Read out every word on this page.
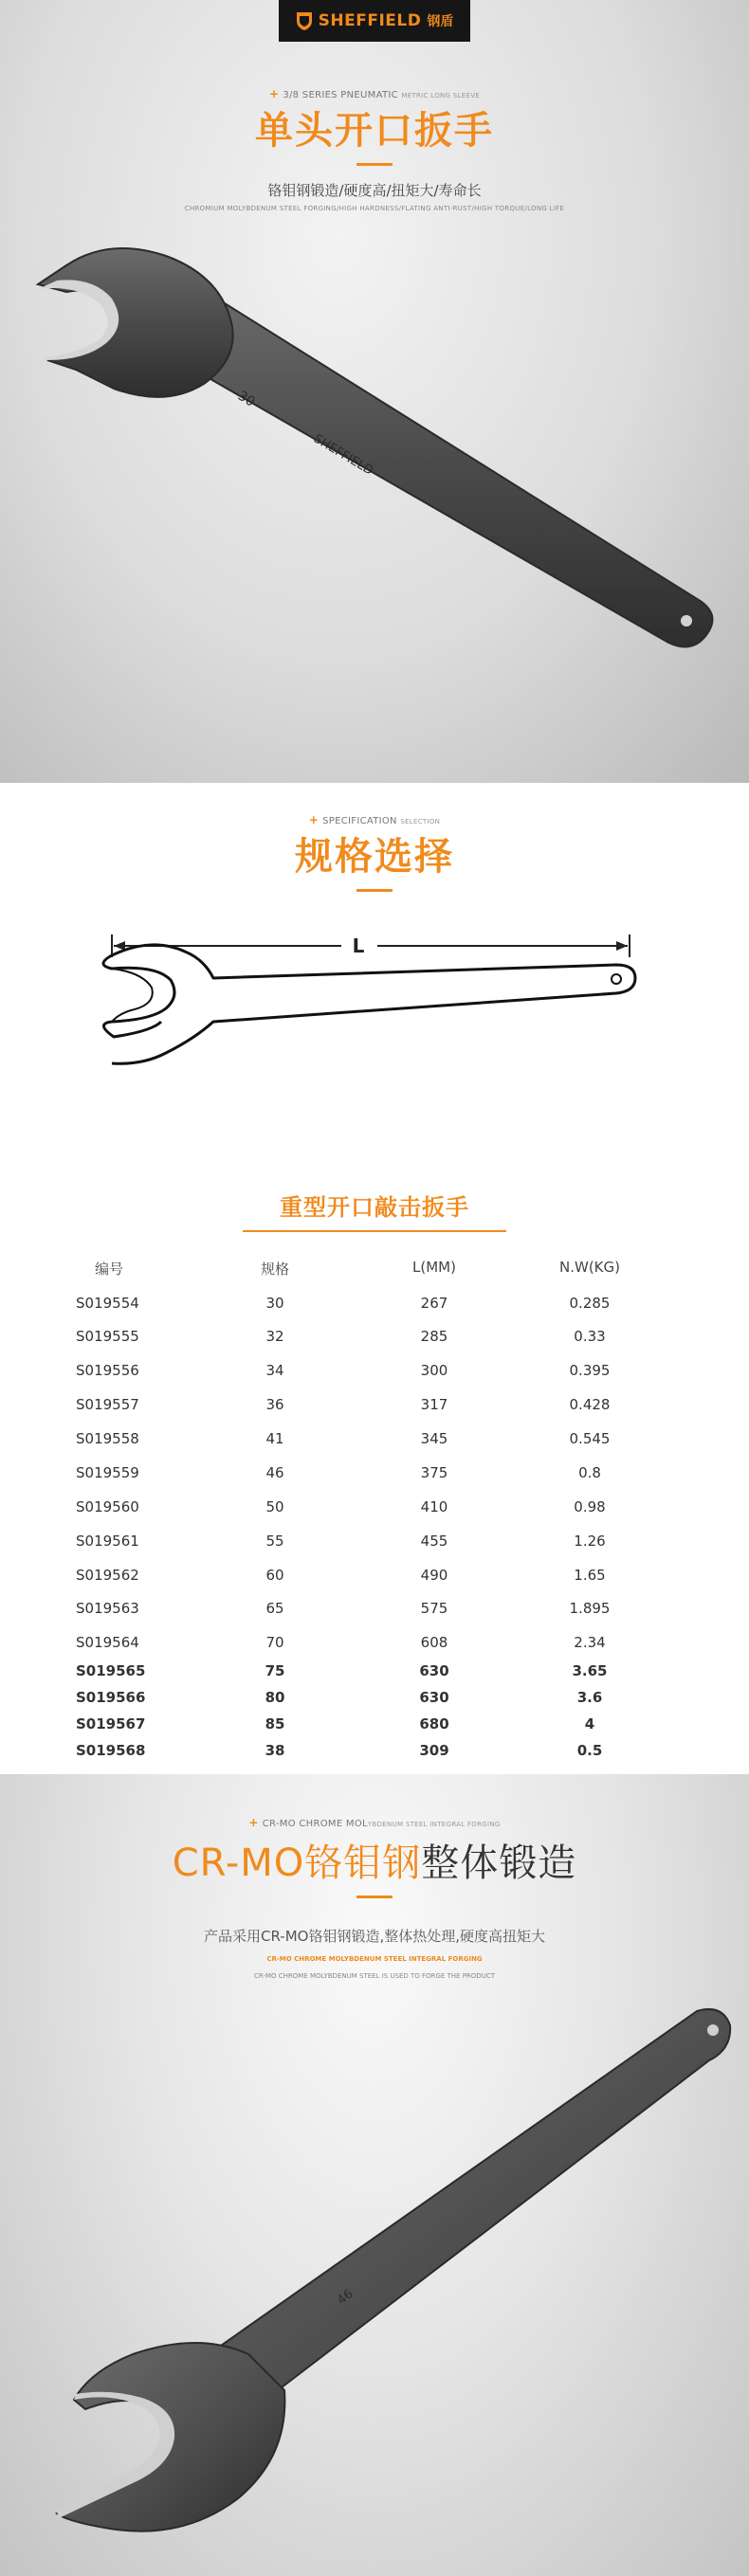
SHEFFIELD 钢盾
+ 3/8 SERIES PNEUMATIC METRIC LONG SLEEVE
单头开口扳手
铬钼钢锻造/硬度高/扭矩大/寿命长
CHROMIUM MOLYBDENUM STEEL FORGING/HIGH HARDNESS/FLATING ANTI-RUST/HIGH TORQUE/LONG LIFE
30
SHEFFIELD
+ SPECIFICATION SELECTION
规格选择
L
重型开口敲击扳手
编号	规格	L(MM)	N.W(KG)
S019554	30	267	0.285
S019555	32	285	0.33
S019556	34	300	0.395
S019557	36	317	0.428
S019558	41	345	0.545
S019559	46	375	0.8
S019560	50	410	0.98
S019561	55	455	1.26
S019562	60	490	1.65
S019563	65	575	1.895
S019564	70	608	2.34
S019565	75	630	3.65
S019566	80	630	3.6
S019567	85	680	4
S019568	38	309	0.5
+ CR-MO CHROME MOLYBDENUM STEEL INTEGRAL FORGING
CR-MO铬钼钢整体锻造
产品采用CR-MO铬钼钢锻造,整体热处理,硬度高扭矩大
CR-MO CHROME MOLYBDENUM STEEL INTEGRAL FORGING
CR-MO CHROME MOLYBDENUM STEEL IS USED TO FORGE THE PRODUCT
46
